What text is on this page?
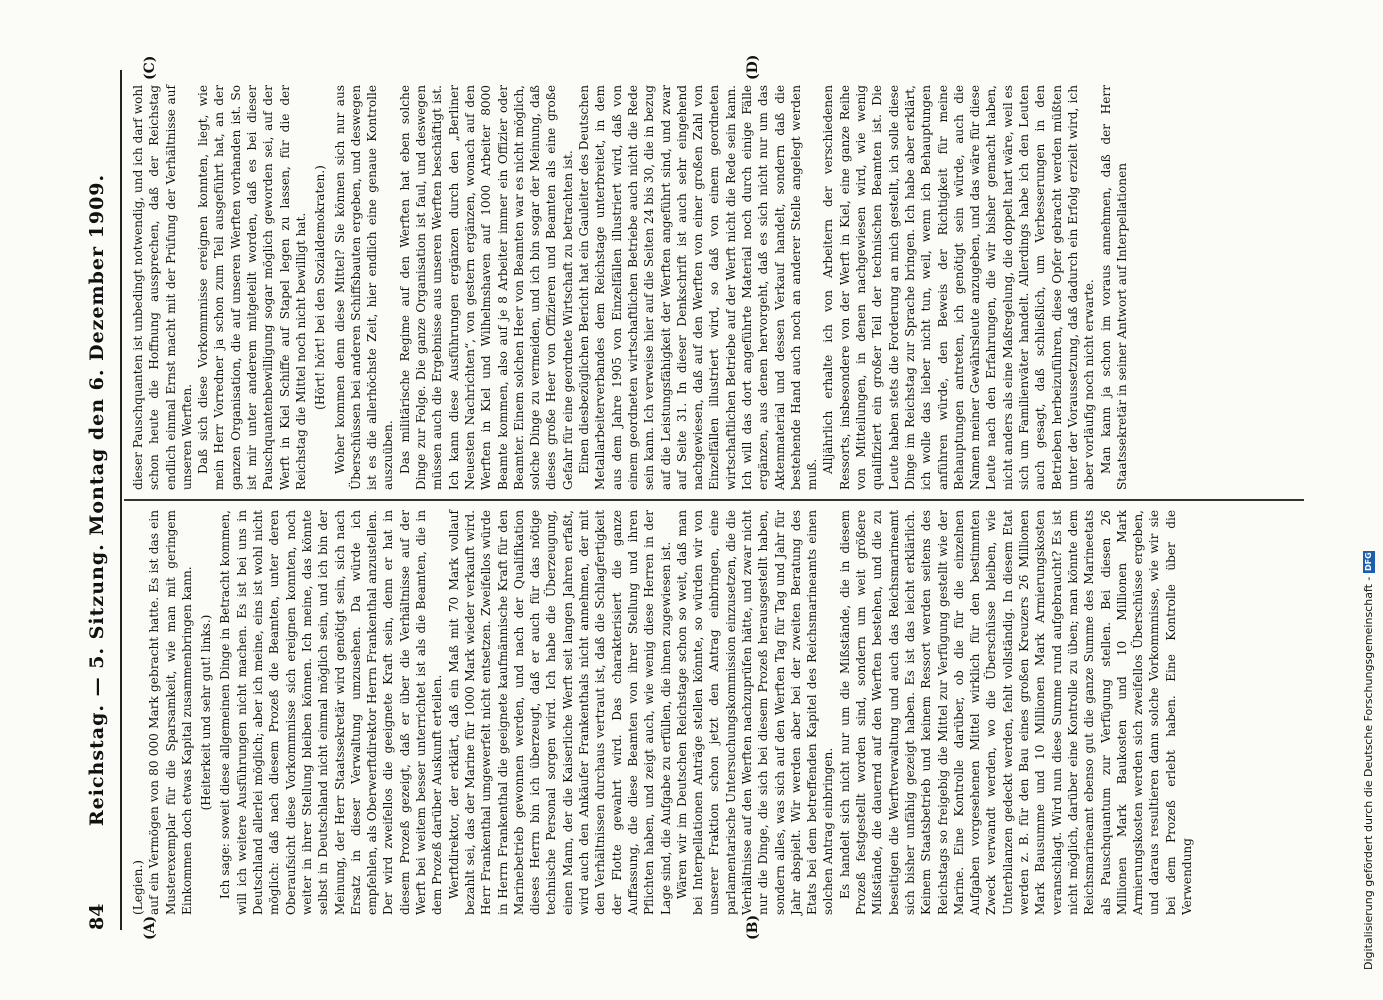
84
Reichstag. — 5. Sitzung. Montag den 6. Dezember 1909.
(A)	(B)
(C)	(D)

(Legien.) auf ein Vermögen von 80 000 Mark gebracht hatte. Es ist das ein Musterexemplar für die Sparsamkeit, wie man mit geringem Einkommen doch etwas Kapital zusammenbringen kann. (Heiterkeit und sehr gut! links.) Ich sage: soweit diese allgemeinen Dinge in Betracht kommen, will ich weitere Ausführungen nicht machen. Es ist bei uns in Deutschland allerlei möglich; aber ich meine, eins ist wohl nicht möglich: daß nach diesem Prozeß die Beamten, unter deren Oberaufsicht diese Vorkommnisse sich ereignen konnten, noch weiter in ihrer Stellung bleiben können. Ich meine, das könnte selbst in Deutschland nicht einmal möglich sein, und ich bin der Meinung, der Herr Staatssekretär wird genötigt sein, sich nach Ersatz in dieser Verwaltung umzusehen. Da würde ich empfehlen, als Oberwerftdirektor Herrn Frankenthal anzustellen. Der wird zweifellos die geeignete Kraft sein, denn er hat in diesem Prozeß gezeigt, daß er über die Verhältnisse auf der Werft bei weitem besser unterrichtet ist als die Beamten, die in dem Prozeß darüber Auskunft erteilen. Werftdirektor, der erklärt, daß ein Maß mit 70 Mark vollauf bezahlt sei, das der Marine für 1000 Mark wieder verkauft wird. Herr Frankenthal umgewerfelt nicht entsetzen. Zweifellos würde in Herrn Frankenthal die geeignete kaufmännische Kraft für den Marinebetrieb gewonnen werden, und nach der Qualifikation dieses Herrn bin ich überzeugt, daß er auch für das nötige technische Personal sorgen wird. Ich habe die Überzeugung, einen Mann, der die Kaiserliche Werft seit langen Jahren erfaßt, wird auch den Ankäufer Frankenthals nicht annehmen, der mit den Verhältnissen durchaus vertraut ist, daß die Schlagfertigkeit der Flotte gewahrt wird. Das charakterisiert die ganze Auffassung, die diese Beamten von ihrer Stellung und ihren Pflichten haben, und zeigt auch, wie wenig diese Herren in der Lage sind, die Aufgabe zu erfüllen, die ihnen zugewiesen ist. Wären wir im Deutschen Reichstage schon so weit, daß man bei Interpellationen Anträge stellen könnte, so würden wir von unserer Fraktion schon jetzt den Antrag einbringen, eine parlamentarische Untersuchungskommission einzusetzen, die die Verhältnisse auf den Werften nachzuprüfen hätte, und zwar nicht nur die Dinge, die sich bei diesem Prozeß herausgestellt haben, sondern alles, was sich auf den Werften Tag für Tag und Jahr für Jahr abspielt. Wir werden aber bei der zweiten Beratung des Etats bei dem betreffenden Kapitel des Reichsmarineamts einen solchen Antrag einbringen. Es handelt sich nicht nur um die Mißstände, die in diesem Prozeß festgestellt worden sind, sondern um weit größere Mißstände, die dauernd auf den Werften bestehen, und die zu beseitigen die Werftverwaltung und auch das Reichsmarineamt sich bisher unfähig gezeigt haben. Es ist das leicht erklärlich. Keinem Staatsbetrieb und keinem Ressort werden seitens des Reichstags so freigebig die Mittel zur Verfügung gestellt wie der Marine. Eine Kontrolle darüber, ob die für die einzelnen Aufgaben vorgesehenen Mittel wirklich für den bestimmten Zweck verwandt werden, wo die Überschüsse bleiben, wie Unterbilanzen gedeckt werden, fehlt vollständig. In diesem Etat werden z. B. für den Bau eines großen Kreuzers 26 Millionen Mark Bausumme und 10 Millionen Mark Armierungskosten veranschlagt. Wird nun diese Summe rund aufgebraucht? Es ist nicht möglich, darüber eine Kontrolle zu üben; man könnte dem Reichsmarineamt ebenso gut die ganze Summe des Marineetats als Pauschquantum zur Verfügung stellen. Bei diesen 26 Millionen Mark Baukosten und 10 Millionen Mark Armierungskosten werden sich zweifellos Überschüsse ergeben, und daraus resultieren dann solche Vorkommnisse, wie wir sie bei dem Prozeß erlebt haben. Eine Kontrolle über die Verwendung

dieser Pauschquanten ist unbedingt notwendig, und ich darf wohl schon heute die Hoffnung aussprechen, daß der Reichstag endlich einmal Ernst macht mit der Prüfung der Verhältnisse auf unseren Werften. Daß sich diese Vorkommnisse ereignen konnten, liegt, wie mein Herr Vorredner ja schon zum Teil ausgeführt hat, an der ganzen Organisation, die auf unseren Werften vorhanden ist. So ist mir unter anderem mitgeteilt worden, daß es bei dieser Pauschquantenbewilligung sogar möglich geworden sei, auf der Werft in Kiel Schiffe auf Stapel legen zu lassen, für die der Reichstag die Mittel noch nicht bewilligt hat. (Hört! hört! bei den Sozialdemokraten.) Woher kommen denn diese Mittel? Sie können sich nur aus Überschüssen bei anderen Schiffsbauten ergeben, und deswegen ist es die allerhöchste Zeit, hier endlich eine genaue Kontrolle auszuüben. Das militärische Regime auf den Werften hat eben solche Dinge zur Folge. Die ganze Organisation ist faul, und deswegen müssen auch die Ergebnisse aus unseren Werften beschäftigt ist. Ich kann diese Ausführungen ergänzen durch den „Berliner Neuesten Nachrichten“, von gestern ergänzen, wonach auf den Werften in Kiel und Wilhelmshaven auf 1000 Arbeiter 8000 Beamte kommen, also auf je 8 Arbeiter immer ein Offizier oder Beamter. Einem solchen Heer von Beamten war es nicht möglich, solche Dinge zu vermeiden, und ich bin sogar der Meinung, daß dieses große Heer von Offizieren und Beamten als eine große Gefahr für eine geordnete Wirtschaft zu betrachten ist. Einen diesbezüglichen Bericht hat ein Gauleiter des Deutschen Metallarbeiterverbandes dem Reichstage unterbreitet, in dem aus dem Jahre 1905 von Einzelfällen illustriert wird, daß von einem geordneten wirtschaftlichen Betriebe auch nicht die Rede sein kann. Ich verweise hier auf die Seiten 24 bis 30, die in bezug auf die Leistungsfähigkeit der Werften angeführt sind, und zwar auf Seite 31. In dieser Denkschrift ist auch sehr eingehend nachgewiesen, daß auf den Werften von einer großen Zahl von Einzelfällen illustriert wird, so daß von einem geordneten wirtschaftlichen Betriebe auf der Werft nicht die Rede sein kann. Ich will das dort angeführte Material noch durch einige Fälle ergänzen, aus denen hervorgeht, daß es sich nicht nur um das Aktenmaterial und dessen Verkauf handelt, sondern daß die bestehende Hand auch noch an anderer Stelle angelegt werden muß.

Alljährlich erhalte ich von Arbeitern der verschiedenen Ressorts, insbesondere von der Werft in Kiel, eine ganze Reihe von Mitteilungen, in denen nachgewiesen wird, wie wenig qualifiziert ein großer Teil der technischen Beamten ist. Die Leute haben stets die Forderung an mich gestellt, ich solle diese Dinge im Reichstag zur Sprache bringen. Ich habe aber erklärt, ich wolle das lieber nicht tun, weil, wenn ich Behauptungen anführen würde, den Beweis der Richtigkeit für meine Behauptungen antreten, ich genötigt sein würde, auch die Namen meiner Gewährsleute anzugeben, und das wäre für diese Leute nach den Erfahrungen, die wir bisher gemacht haben, nicht anders als eine Maßregelung, die doppelt hart wäre, weil es sich um Familienväter handelt. Allerdings habe ich den Leuten auch gesagt, daß schließlich, um Verbesserungen in den Betrieben herbeizuführen, diese Opfer gebracht werden müßten unter der Voraussetzung, daß dadurch ein Erfolg erzielt wird, ich aber vorläufig noch nicht erwarte. Man kann ja schon im voraus annehmen, daß der Herr Staatssekretär in seiner Antwort auf Interpellationen

Digitalisierung gefördert durch die Deutsche Forschungsgemeinschaft -DFG
